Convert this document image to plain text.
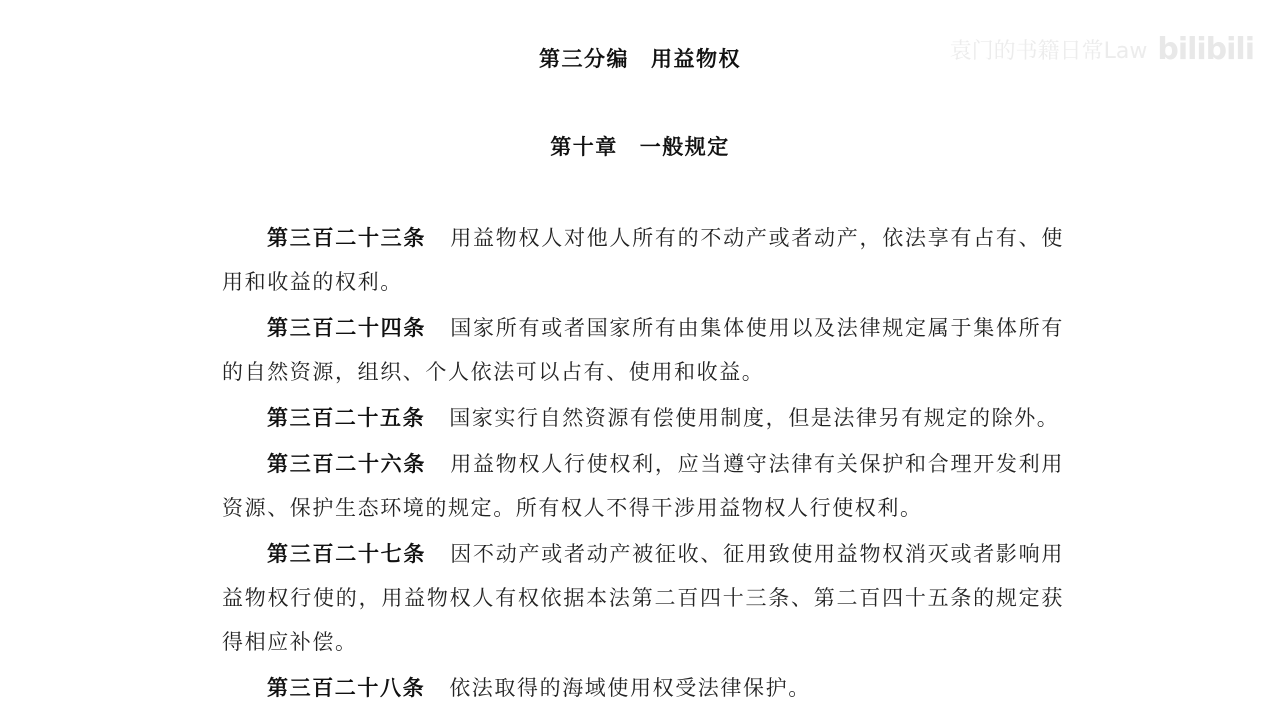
第三分编 用益物权
第十章 一般规定

第三百二十三条 用益物权人对他人所有的不动产或者动产，依法享有占有、使用和收益的权利。

第三百二十四条 国家所有或者国家所有由集体使用以及法律规定属于集体所有的自然资源，组织、个人依法可以占有、使用和收益。

第三百二十五条 国家实行自然资源有偿使用制度，但是法律另有规定的除外。

第三百二十六条 用益物权人行使权利，应当遵守法律有关保护和合理开发利用资源、保护生态环境的规定。所有权人不得干涉用益物权人行使权利。

第三百二十七条 因不动产或者动产被征收、征用致使用益物权消灭或者影响用益物权行使的，用益物权人有权依据本法第二百四十三条、第二百四十五条的规定获得相应补偿。

第三百二十八条 依法取得的海域使用权受法律保护。

袁门的书籍日常Law bilibili
